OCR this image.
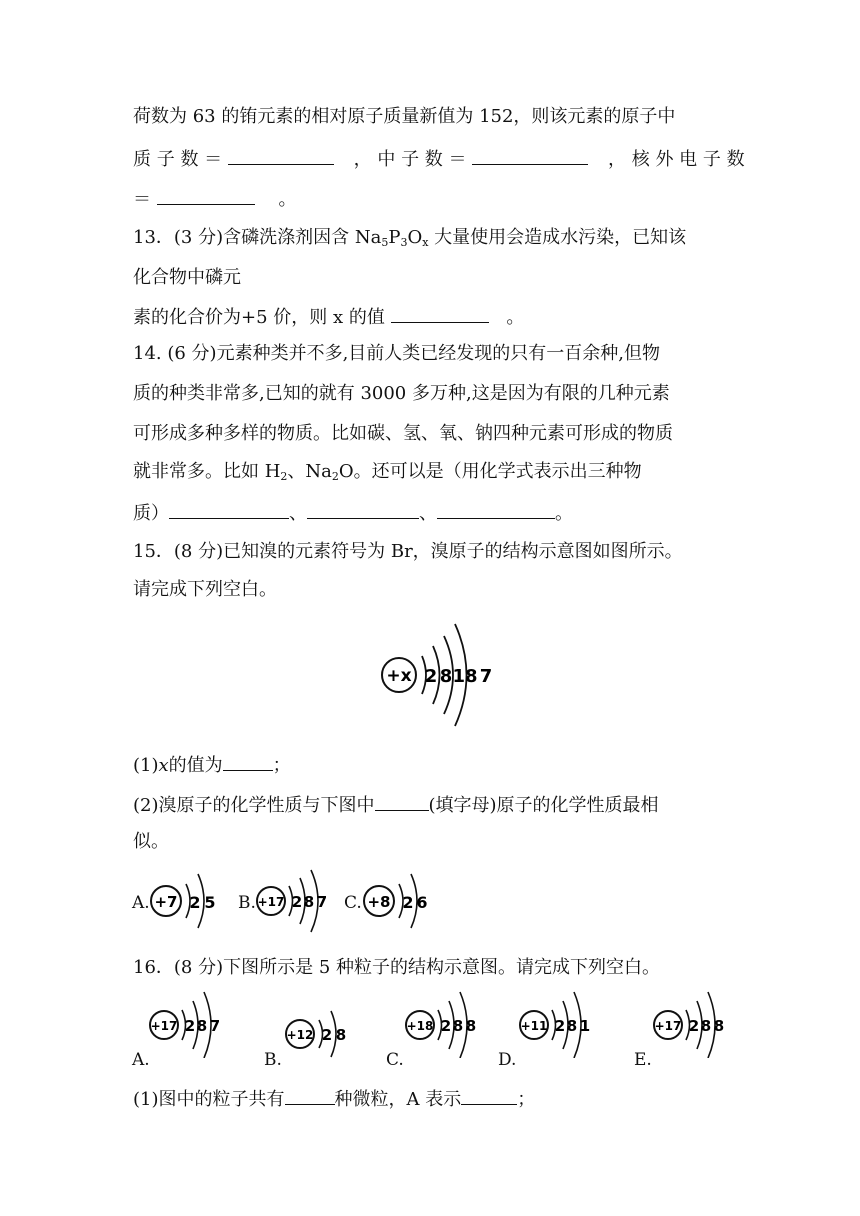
荷数为 63 的铕元素的相对原子质量新值为 152，则该元素的原子中
质 子 数 ＝	， 中 子 数 ＝	， 核 外 电 子 数
＝	。
13．(3 分)含磷洗涤剂因含 $Na_5P_3O_x$ 大量使用会造成水污染，已知该
化合物中磷元
素的化合价为+5 价，则 x 的值	。
14. (6 分)元素种类并不多,目前人类已经发现的只有一百余种,但物
质的种类非常多,已知的就有 3000 多万种,这是因为有限的几种元素
可形成多种多样的物质。比如碳、氢、氧、钠四种元素可形成的物质
就非常多。比如 $H_2$、$Na_2O$。还可以是（用化学式表示出三种物
质）	、	、	。
15．(8 分)已知溴的元素符号为 Br，溴原子的结构示意图如图所示。
请完成下列空白。
+x 2 8 18 7
(1)x的值为	；
(2)溴原子的化学性质与下图中	(填字母)原子的化学性质最相
似。
A. +7 2 5 B. +17 2 8 7 C. +8 2 6
16．(8 分)下图所示是 5 种粒子的结构示意图。请完成下列空白。
+17 2 8 7
A.
+12 2 8
B.
+18 2 8 8
C.
+11 2 8 1
D.
+17 2 8 8
E.
(1)图中的粒子共有	种微粒，A 表示	；
